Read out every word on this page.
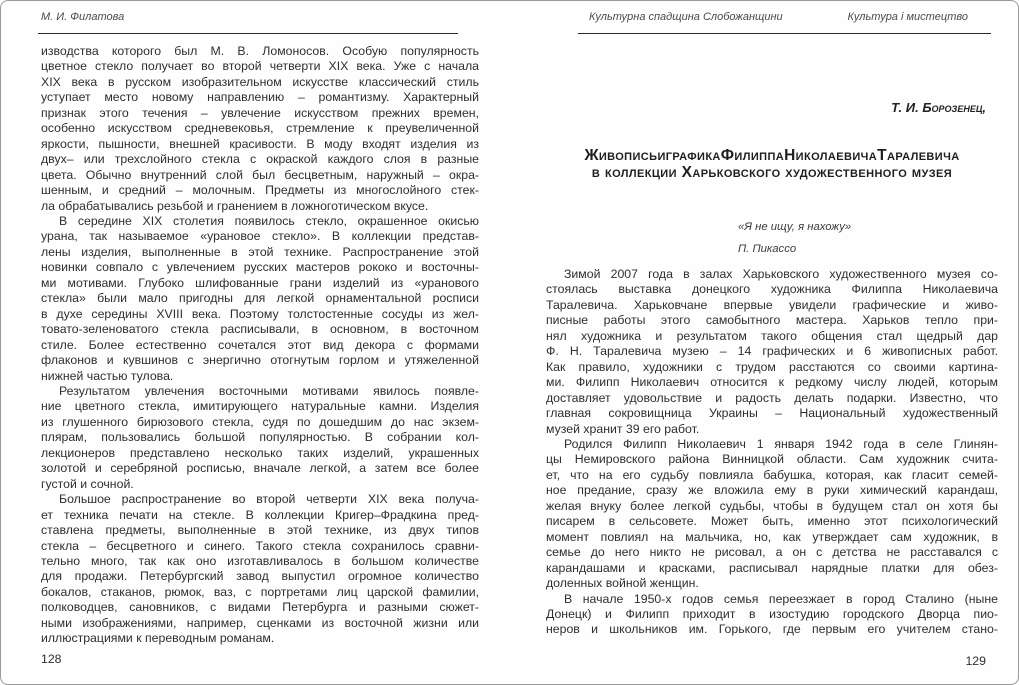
М. И. Филатова
изводства которого был М. В. Ломоносов. Особую популярность
цветное стекло получает во второй четверти XIX века. Уже с начала
XIX века в русском изобразительном искусстве классический стиль
уступает место новому направлению – романтизму. Характерный
признак этого течения – увлечение искусством прежних времен,
особенно искусством средневековья, стремление к преувеличенной
яркости, пышности, внешней красивости. В моду входят изделия из
двух– или трехслойного стекла с окраской каждого слоя в разные
цвета. Обычно внутренний слой был бесцветным, наружный – окра-
шенным, и средний – молочным. Предметы из многослойного стек-
ла обрабатывались резьбой и гранением в ложноготическом вкусе.
В середине XIX столетия появилось стекло, окрашенное окисью
урана, так называемое «урановое стекло». В коллекции представ-
лены изделия, выполненные в этой технике. Распространение этой
новинки совпало с увлечением русских мастеров рококо и восточны-
ми мотивами. Глубоко шлифованные грани изделий из «уранового
стекла» были мало пригодны для легкой орнаментальной росписи
в духе середины XVIII века. Поэтому толстостенные сосуды из жел-
товато-зеленоватого стекла расписывали, в основном, в восточном
стиле. Более естественно сочетался этот вид декора с формами
флаконов и кувшинов с энергично отогнутым горлом и утяжеленной
нижней частью тулова.
Результатом увлечения восточными мотивами явилось появле-
ние цветного стекла, имитирующего натуральные камни. Изделия
из глушенного бирюзового стекла, судя по дошедшим до нас экзем-
плярам, пользовались большой популярностью. В собрании кол-
лекционеров представлено несколько таких изделий, украшенных
золотой и серебряной росписью, вначале легкой, а затем все более
густой и сочной.
Большое распространение во второй четверти XIX века получа-
ет техника печати на стекле. В коллекции Кригер–Фрадкина пред-
ставлена предметы, выполненные в этой технике, из двух типов
стекла – бесцветного и синего. Такого стекла сохранилось сравни-
тельно много, так как оно изготавливалось в большом количестве
для продажи. Петербургский завод выпустил огромное количество
бокалов, стаканов, рюмок, ваз, с портретами лиц царской фамилии,
полководцев, сановников, с видами Петербурга и разными сюжет-
ными изображениями, например, сценками из восточной жизни или
иллюстрациями к переводным романам.
128
Культурна спадщина Слобожанщини	Культура і мистецтво
Т. И. Борозенец,
ЖивописьиграфикаФилиппаНиколаевичаТаралевича
в коллекции Харьковского художественного музея
«Я не ищу, я нахожу»
П. Пикассо
Зимой 2007 года в залах Харьковского художественного музея со-
стоялась выставка донецкого художника Филиппа Николаевича
Таралевича. Харьковчане впервые увидели графические и живо-
писные работы этого самобытного мастера. Харьков тепло при-
нял художника и результатом такого общения стал щедрый дар
Ф. Н. Таралевича музею – 14 графических и 6 живописных работ.
Как правило, художники с трудом расстаются со своими картина-
ми. Филипп Николаевич относится к редкому числу людей, которым
доставляет удовольствие и радость делать подарки. Известно, что
главная сокровищница Украины – Национальный художественный
музей хранит 39 его работ.
Родился Филипп Николаевич 1 января 1942 года в селе Глинян-
цы Немировского района Винницкой области. Сам художник счита-
ет, что на его судьбу повлияла бабушка, которая, как гласит семей-
ное предание, сразу же вложила ему в руки химический карандаш,
желая внуку более легкой судьбы, чтобы в будущем стал он хотя бы
писарем в сельсовете. Может быть, именно этот психологический
момент повлиял на мальчика, но, как утверждает сам художник, в
семье до него никто не рисовал, а он с детства не расставался с
карандашами и красками, расписывал нарядные платки для обез-
доленных войной женщин.
В начале 1950-х годов семья переезжает в город Сталино (ныне
Донецк) и Филипп приходит в изостудию городского Дворца пио-
неров и школьников им. Горького, где первым его учителем стано-
129
